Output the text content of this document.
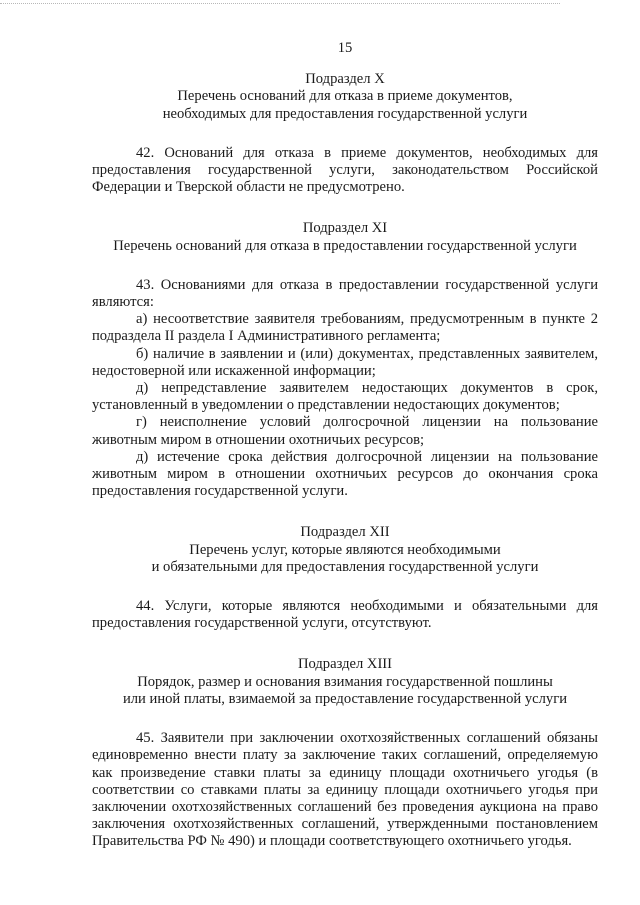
15
Подраздел X
Перечень оснований для отказа в приеме документов,
необходимых для предоставления государственной услуги

42. Оснований для отказа в приеме документов, необходимых для предоставления государственной услуги, законодательством Российской Федерации и Тверской области не предусмотрено.

Подраздел XI
Перечень оснований для отказа в предоставлении государственной услуги

43. Основаниями для отказа в предоставлении государственной услуги являются:

а) несоответствие заявителя требованиям, предусмотренным в пункте 2 подраздела II раздела I Административного регламента;

б) наличие в заявлении и (или) документах, представленных заявителем, недостоверной или искаженной информации;

д) непредставление заявителем недостающих документов в срок, установленный в уведомлении о представлении недостающих документов;

г) неисполнение условий долгосрочной лицензии на пользование животным миром в отношении охотничьих ресурсов;

д) истечение срока действия долгосрочной лицензии на пользование животным миром в отношении охотничьих ресурсов до окончания срока предоставления государственной услуги.

Подраздел XII
Перечень услуг, которые являются необходимыми
и обязательными для предоставления государственной услуги

44. Услуги, которые являются необходимыми и обязательными для предоставления государственной услуги, отсутствуют.

Подраздел XIII
Порядок, размер и основания взимания государственной пошлины
или иной платы, взимаемой за предоставление государственной услуги

45. Заявители при заключении охотхозяйственных соглашений обязаны единовременно внести плату за заключение таких соглашений, определяемую как произведение ставки платы за единицу площади охотничьего угодья (в соответствии со ставками платы за единицу площади охотничьего угодья при заключении охотхозяйственных соглашений без проведения аукциона на право заключения охотхозяйственных соглашений, утвержденными постановлением Правительства РФ № 490) и площади соответствующего охотничьего угодья.
